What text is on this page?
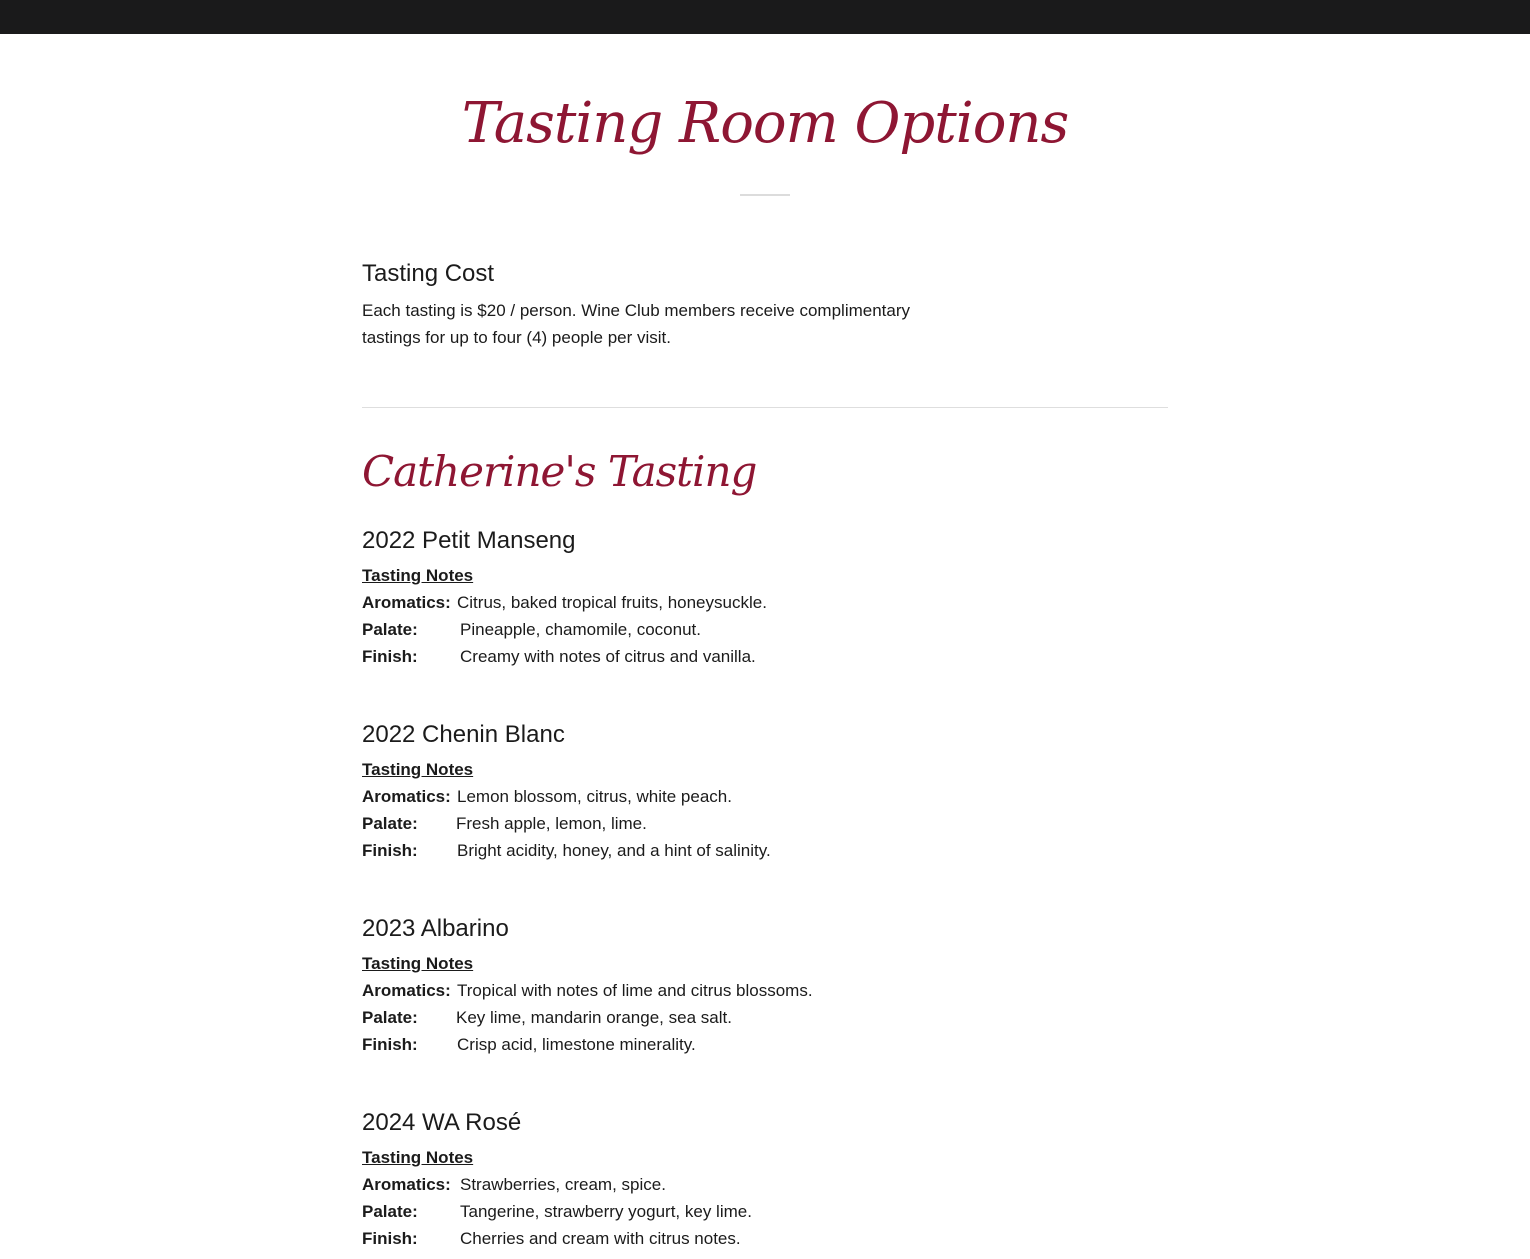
Tasting Room Options
Tasting Cost
Each tasting is $20 / person. Wine Club members receive complimentary tastings for up to four (4) people per visit.
Catherine's Tasting
2022 Petit Manseng
Tasting Notes
Aromatics: Citrus, baked tropical fruits, honeysuckle.
Palate:	Pineapple, chamomile, coconut.
Finish:	Creamy with notes of citrus and vanilla.
2022 Chenin Blanc
Tasting Notes
Aromatics: Lemon blossom, citrus, white peach.
Palate:	Fresh apple, lemon, lime.
Finish:	Bright acidity, honey, and a hint of salinity.
2023 Albarino
Tasting Notes
Aromatics: Tropical with notes of lime and citrus blossoms.
Palate:	Key lime, mandarin orange, sea salt.
Finish:	Crisp acid, limestone minerality.
2024 WA Rosé
Tasting Notes
Aromatics: Strawberries, cream, spice.
Palate:	Tangerine, strawberry yogurt, key lime.
Finish:	Cherries and cream with citrus notes.
